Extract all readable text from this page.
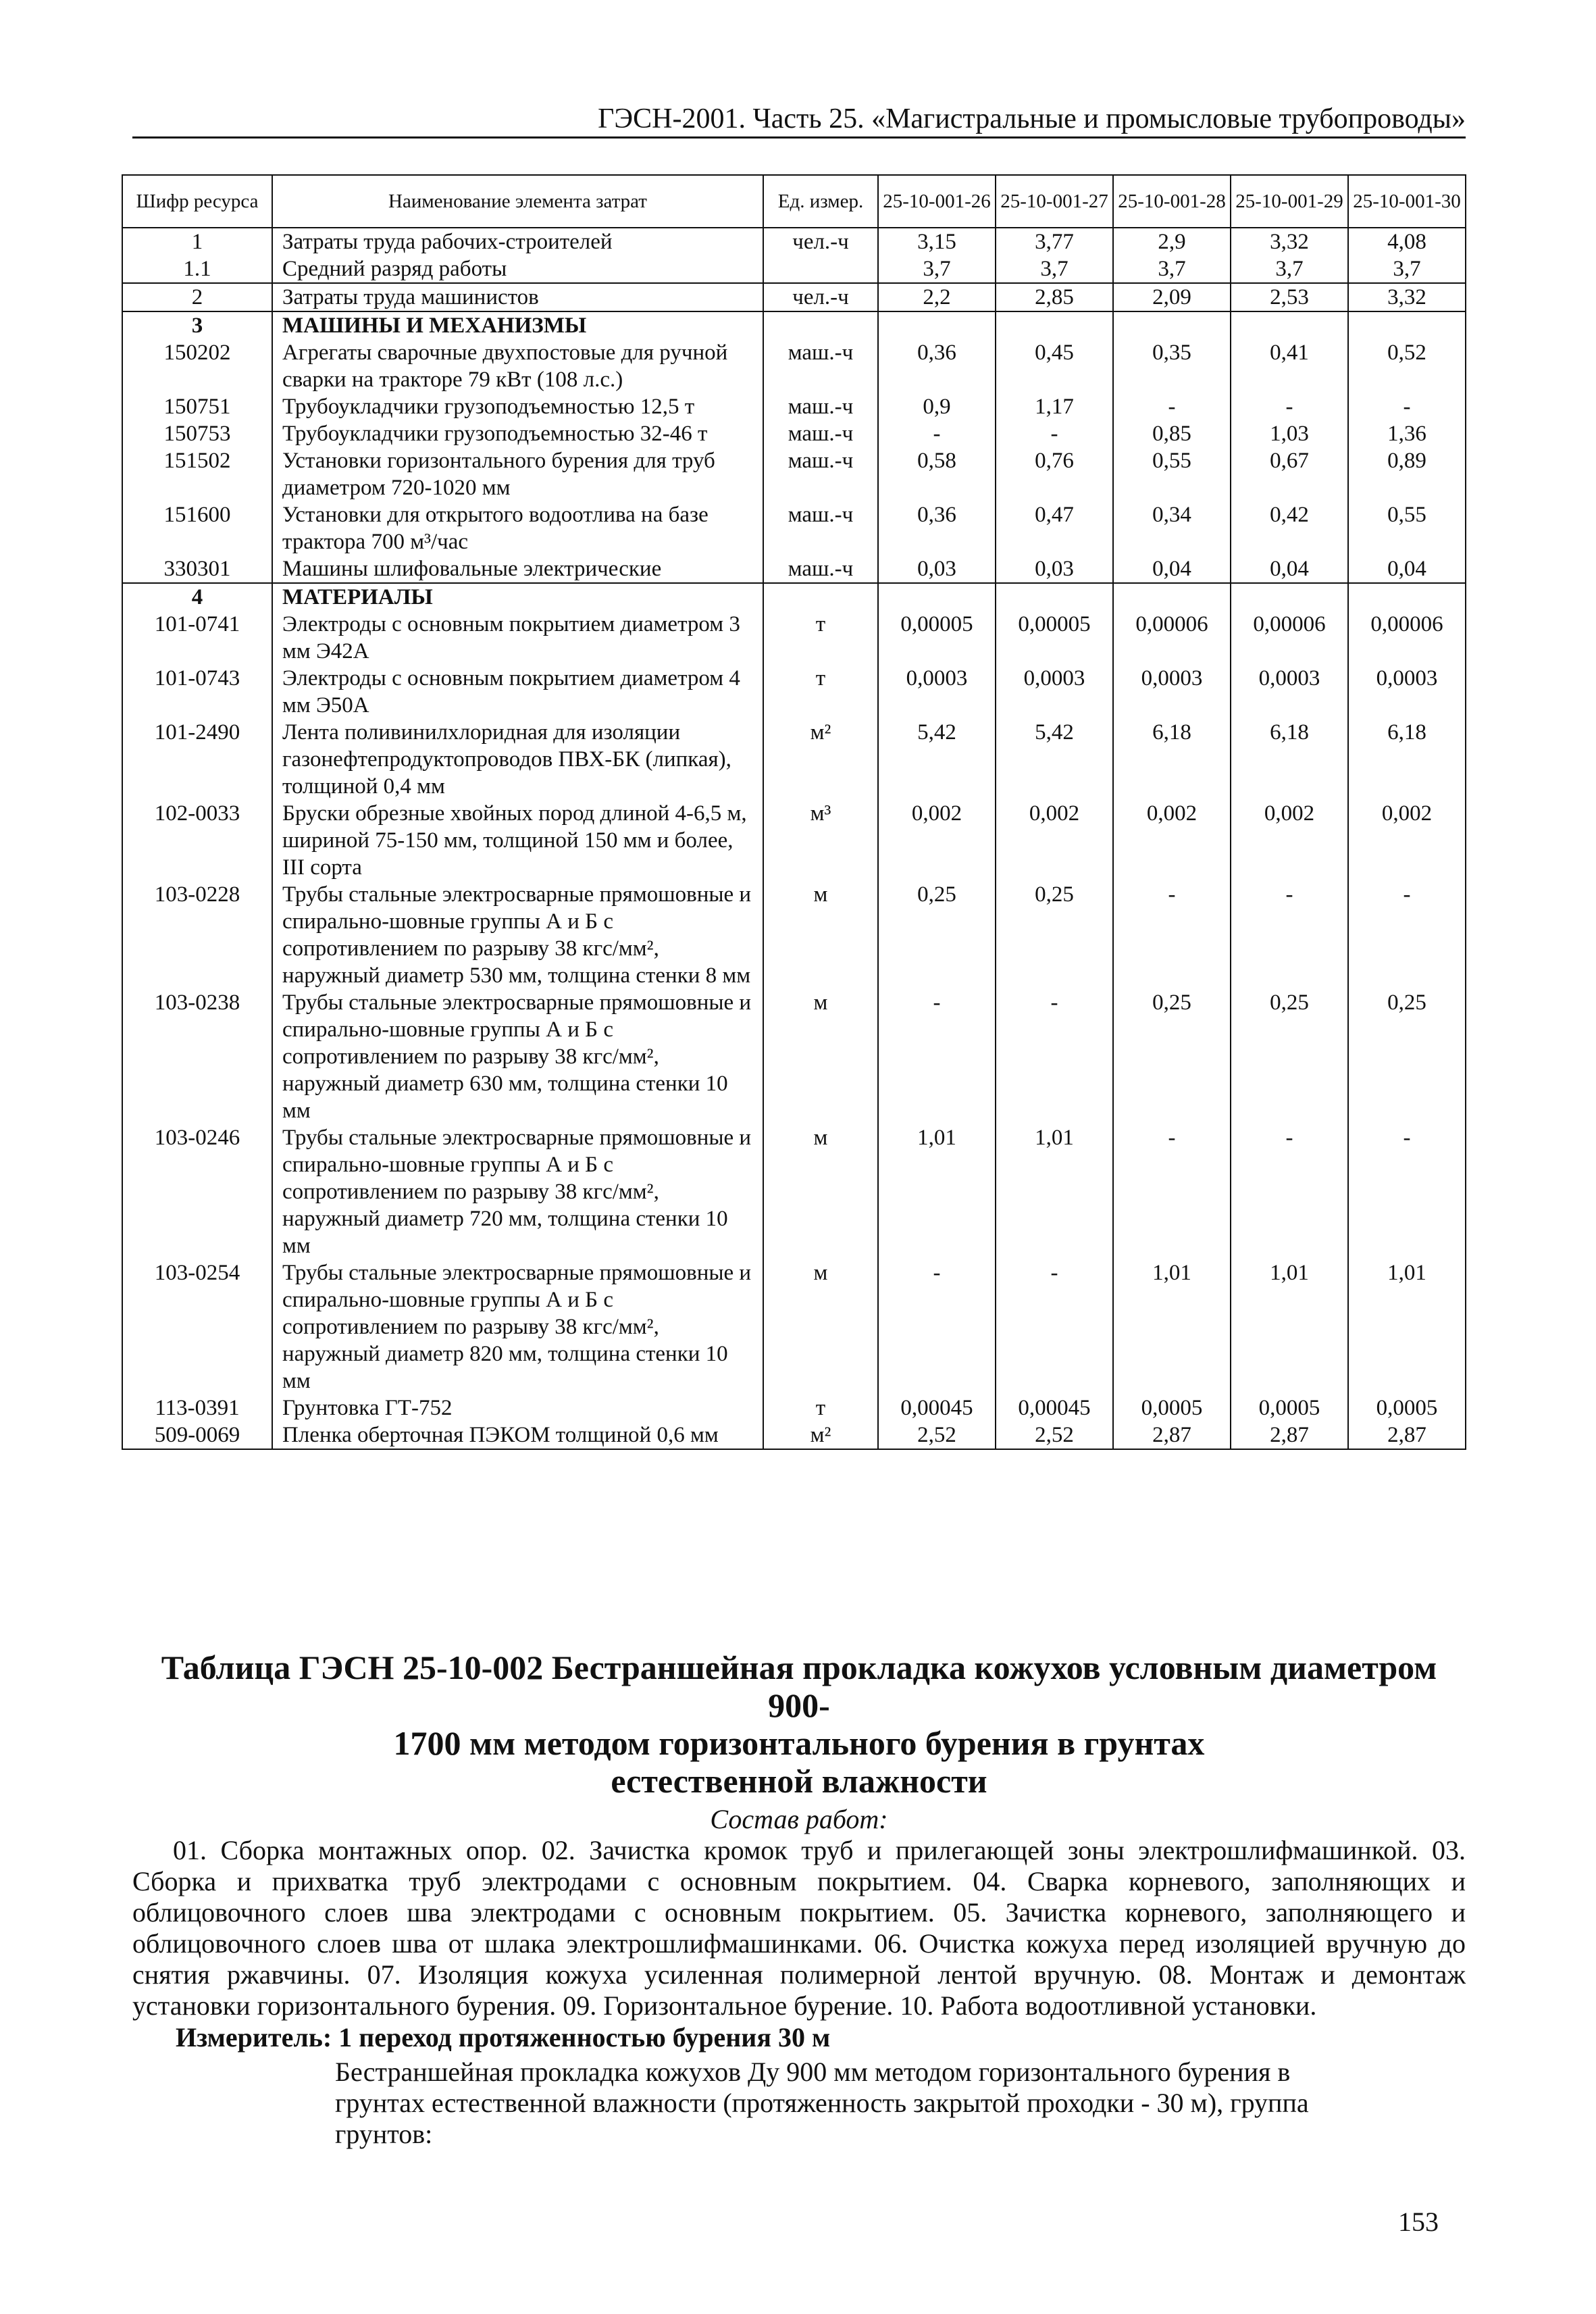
ГЭСН-2001. Часть 25. «Магистральные и промысловые трубопроводы»
Шифр ресурса	Наименование элемента затрат	Ед. измер.	25-10-001-26	25-10-001-27	25-10-001-28	25-10-001-29	25-10-001-30
1	Затраты труда рабочих-строителей	чел.-ч	3,15	3,77	2,9	3,32	4,08
1.1	Средний разряд работы		3,7	3,7	3,7	3,7	3,7
2	Затраты труда машинистов	чел.-ч	2,2	2,85	2,09	2,53	3,32
3	МАШИНЫ И МЕХАНИЗМЫ						
150202	Агрегаты сварочные двухпостовые для ручной сварки на тракторе 79 кВт (108 л.с.)	маш.-ч	0,36	0,45	0,35	0,41	0,52
150751	Трубоукладчики грузоподъемностью 12,5 т	маш.-ч	0,9	1,17	-	-	-
150753	Трубоукладчики грузоподъемностью 32-46 т	маш.-ч	-	-	0,85	1,03	1,36
151502	Установки горизонтального бурения для труб диаметром 720-1020 мм	маш.-ч	0,58	0,76	0,55	0,67	0,89
151600	Установки для открытого водоотлива на базе трактора 700 м³/час	маш.-ч	0,36	0,47	0,34	0,42	0,55
330301	Машины шлифовальные электрические	маш.-ч	0,03	0,03	0,04	0,04	0,04
4	МАТЕРИАЛЫ						
101-0741	Электроды с основным покрытием диаметром 3 мм Э42А	т	0,00005	0,00005	0,00006	0,00006	0,00006
101-0743	Электроды с основным покрытием диаметром 4 мм Э50А	т	0,0003	0,0003	0,0003	0,0003	0,0003
101-2490	Лента поливинилхлоридная для изоляции газонефтепродуктопроводов ПВХ-БК (липкая), толщиной 0,4 мм	м²	5,42	5,42	6,18	6,18	6,18
102-0033	Бруски обрезные хвойных пород длиной 4-6,5 м, шириной 75-150 мм, толщиной 150 мм и более, III сорта	м³	0,002	0,002	0,002	0,002	0,002
103-0228	Трубы стальные электросварные прямошовные и спирально-шовные группы А и Б с сопротивлением по разрыву 38 кгс/мм², наружный диаметр 530 мм, толщина стенки 8 мм	м	0,25	0,25	-	-	-
103-0238	Трубы стальные электросварные прямошовные и спирально-шовные группы А и Б с сопротивлением по разрыву 38 кгс/мм², наружный диаметр 630 мм, толщина стенки 10 мм	м	-	-	0,25	0,25	0,25
103-0246	Трубы стальные электросварные прямошовные и спирально-шовные группы А и Б с сопротивлением по разрыву 38 кгс/мм², наружный диаметр 720 мм, толщина стенки 10 мм	м	1,01	1,01	-	-	-
103-0254	Трубы стальные электросварные прямошовные и спирально-шовные группы А и Б с сопротивлением по разрыву 38 кгс/мм², наружный диаметр 820 мм, толщина стенки 10 мм	м	-	-	1,01	1,01	1,01
113-0391	Грунтовка ГТ-752	т	0,00045	0,00045	0,0005	0,0005	0,0005
509-0069	Пленка оберточная ПЭКОМ толщиной 0,6 мм	м²	2,52	2,52	2,87	2,87	2,87
Таблица ГЭСН 25-10-002 Бестраншейная прокладка кожухов условным диаметром 900-
1700 мм методом горизонтального бурения в грунтах
естественной влажности
Состав работ:

01. Сборка монтажных опор. 02. Зачистка кромок труб и прилегающей зоны электрошлифмашинкой. 03. Сборка и прихватка труб электродами с основным покрытием. 04. Сварка корневого, заполняющих и облицовочного слоев шва электродами с основным покрытием. 05. Зачистка корневого, заполняющего и облицовочного слоев шва от шлака электрошлифмашинками. 06. Очистка кожуха перед изоляцией вручную до снятия ржавчины. 07. Изоляция кожуха усиленная полимерной лентой вручную. 08. Монтаж и демонтаж установки горизонтального бурения. 09. Горизонтальное бурение. 10. Работа водоотливной установки.

Измеритель: 1 переход протяженностью бурения 30 м

Бестраншейная прокладка кожухов Ду 900 мм методом горизонтального бурения в грунтах естественной влажности (протяженность закрытой проходки - 30 м), группа грунтов:

153
